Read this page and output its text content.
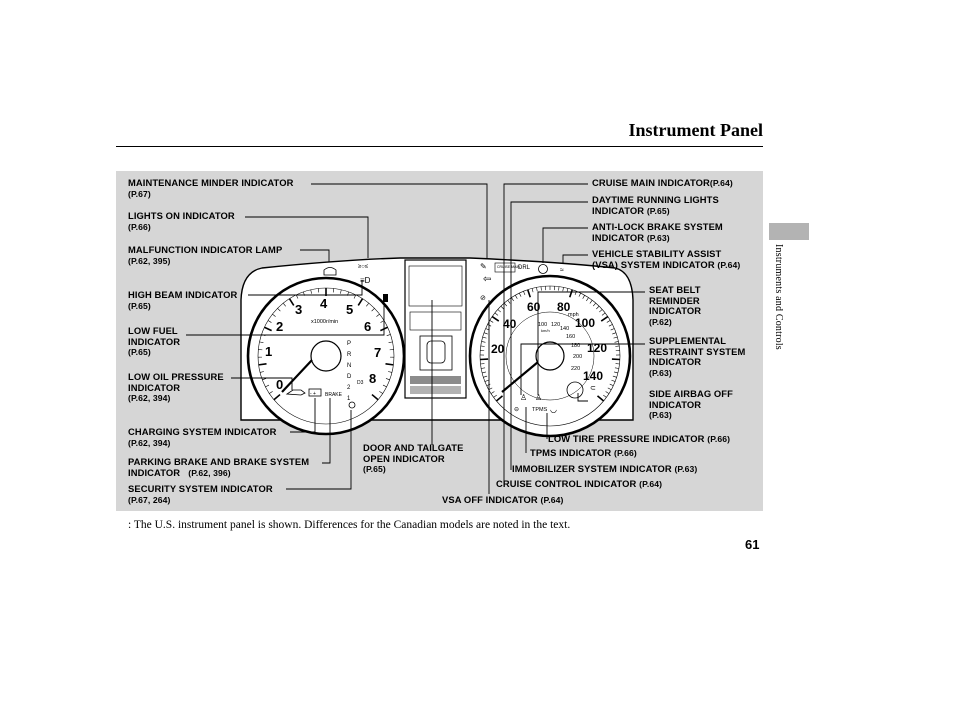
Instrument Panel
Instruments and Controls
0
1
2
3 4 5
6
7
8
x1000r/min
P
R
N
D
2
1
D3
- + BRAKE
≥○≤
≡D
20
40
60 80
100
120
140
mph
100 120
140
160
180
200
220
km/h
CRUISE MAIN
DRL	≈
⇦
✎
⊘
⊖ TPMS ◡
♙
♙
⊂
MAINTENANCE MINDER INDICATOR
(P.67)
LIGHTS ON INDICATOR
(P.66)
MALFUNCTION INDICATOR LAMP
(P.62, 395)
HIGH BEAM INDICATOR
(P.65)
LOW FUEL
INDICATOR
(P.65)
LOW OIL PRESSURE
INDICATOR
(P.62, 394)
CHARGING SYSTEM INDICATOR
(P.62, 394)
PARKING BRAKE AND BRAKE SYSTEM
INDICATOR (P.62, 396)
SECURITY SYSTEM INDICATOR
(P.67, 264)
DOOR AND TAILGATE
OPEN INDICATOR
(P.65)
VSA OFF INDICATOR (P.64)
CRUISE CONTROL INDICATOR (P.64)
IMMOBILIZER SYSTEM INDICATOR (P.63)
TPMS INDICATOR (P.66)
LOW TIRE PRESSURE INDICATOR (P.66)
SIDE AIRBAG OFF
INDICATOR
(P.63)
SUPPLEMENTAL
RESTRAINT SYSTEM
INDICATOR
(P.63)
SEAT BELT
REMINDER
INDICATOR
(P.62)
VEHICLE STABILITY ASSIST
(VSA) SYSTEM INDICATOR (P.64)
ANTI-LOCK BRAKE SYSTEM
INDICATOR (P.63)
DAYTIME RUNNING LIGHTS
INDICATOR (P.65)
CRUISE MAIN INDICATOR(P.64)
: The U.S. instrument panel is shown. Differences for the Canadian models are noted in the text.
61
